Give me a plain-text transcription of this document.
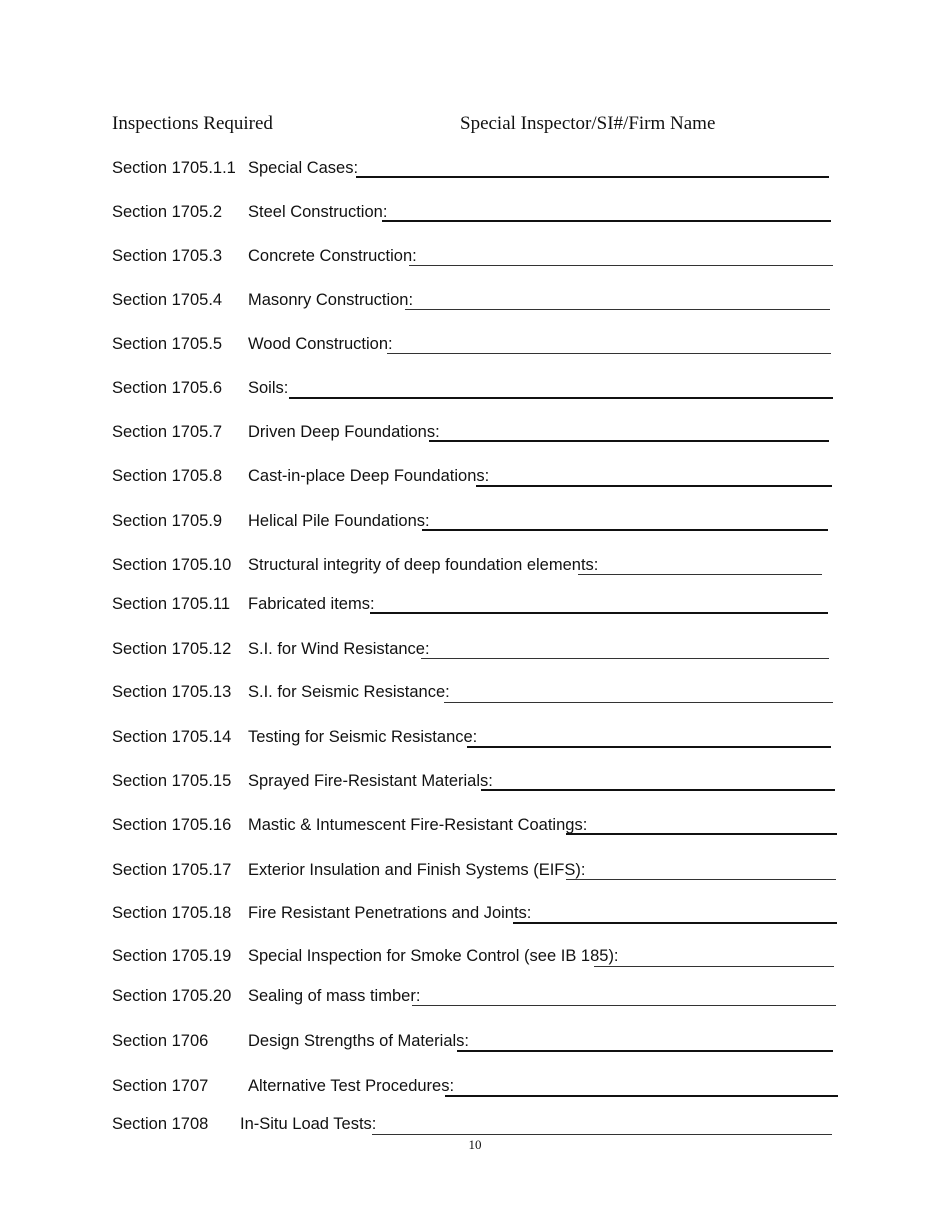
Inspections Required	Special Inspector/SI#/Firm Name
Section 1705.1.1 Special Cases:
Section 1705.2 Steel Construction:
Section 1705.3 Concrete Construction:
Section 1705.4 Masonry Construction:
Section 1705.5 Wood Construction:
Section 1705.6 Soils:
Section 1705.7 Driven Deep Foundations:
Section 1705.8 Cast-in-place Deep Foundations:
Section 1705.9 Helical Pile Foundations:
Section 1705.10 Structural integrity of deep foundation elements:
Section 1705.11 Fabricated items:
Section 1705.12 S.I. for Wind Resistance:
Section 1705.13 S.I. for Seismic Resistance:
Section 1705.14 Testing for Seismic Resistance:
Section 1705.15 Sprayed Fire-Resistant Materials:
Section 1705.16 Mastic & Intumescent Fire-Resistant Coatings:
Section 1705.17 Exterior Insulation and Finish Systems (EIFS):
Section 1705.18 Fire Resistant Penetrations and Joints:
Section 1705.19 Special Inspection for Smoke Control (see IB 185):
Section 1705.20 Sealing of mass timber:
Section 1706 Design Strengths of Materials:
Section 1707 Alternative Test Procedures:
Section 1708 In-Situ Load Tests:
10
